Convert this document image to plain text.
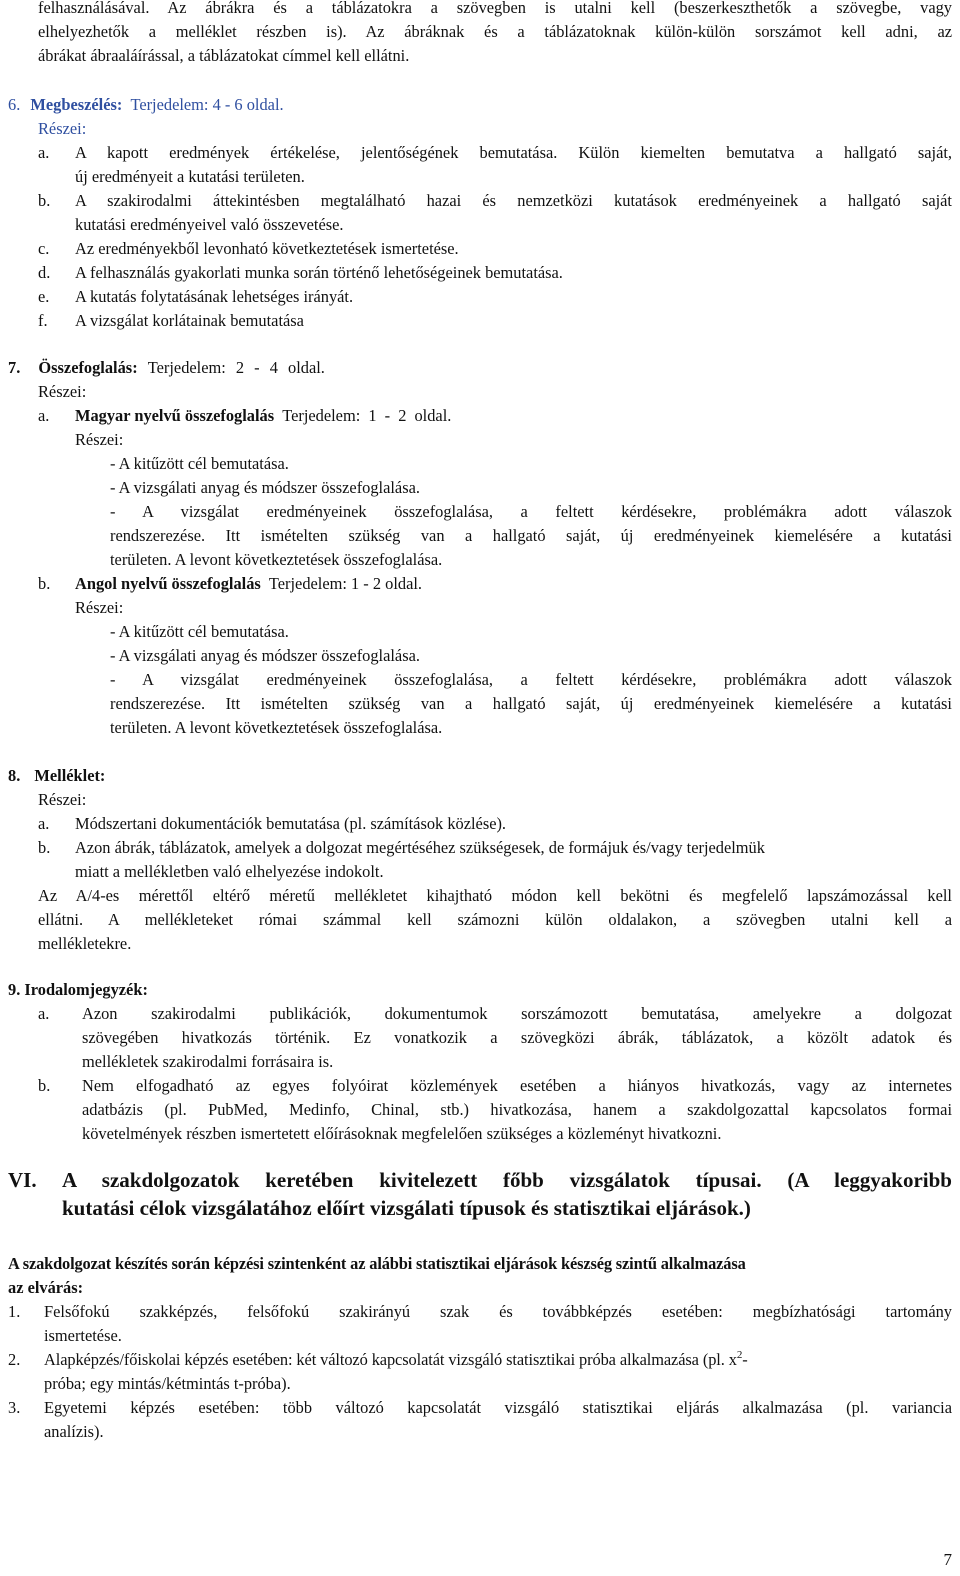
felhasználásával. Az ábrákra és a táblázatokra a szövegben is utalni kell (beszerkeszthetők a szövegbe, vagy
elhelyezhetők a melléklet részben is). Az ábráknak és a táblázatoknak külön-külön sorszámot kell adni, az
ábrákat ábraaláírással, a táblázatokat címmel kell ellátni.
6. Megbeszélés: Terjedelem: 4 - 6 oldal.
Részei:
a. A kapott eredmények értékelése, jelentőségének bemutatása. Külön kiemelten bemutatva a hallgató saját,
új eredményeit a kutatási területen.
b. A szakirodalmi áttekintésben megtalálható hazai és nemzetközi kutatások eredményeinek a hallgató saját
kutatási eredményeivel való összevetése.
c. Az eredményekből levonható következtetések ismertetése.
d. A felhasználás gyakorlati munka során történő lehetőségeinek bemutatása.
e. A kutatás folytatásának lehetséges irányát.
f. A vizsgálat korlátainak bemutatása
7. Összefoglalás: Terjedelem: 2 - 4 oldal.
Részei:
a. Magyar nyelvű összefoglalás Terjedelem: 1 - 2 oldal.
Részei:
- A kitűzött cél bemutatása.
- A vizsgálati anyag és módszer összefoglalása.
- A vizsgálat eredményeinek összefoglalása, a feltett kérdésekre, problémákra adott válaszok
rendszerezése. Itt ismételten szükség van a hallgató saját, új eredményeinek kiemelésére a kutatási
területen. A levont következtetések összefoglalása.
b. Angol nyelvű összefoglalás Terjedelem: 1 - 2 oldal.
Részei:
- A kitűzött cél bemutatása.
- A vizsgálati anyag és módszer összefoglalása.
- A vizsgálat eredményeinek összefoglalása, a feltett kérdésekre, problémákra adott válaszok
rendszerezése. Itt ismételten szükség van a hallgató saját, új eredményeinek kiemelésére a kutatási
területen. A levont következtetések összefoglalása.
8. Melléklet:
Részei:
a. Módszertani dokumentációk bemutatása (pl. számítások közlése).
b. Azon ábrák, táblázatok, amelyek a dolgozat megértéséhez szükségesek, de formájuk és/vagy terjedelmük
miatt a mellékletben való elhelyezése indokolt.
Az A/4-es mérettől eltérő méretű mellékletet kihajtható módon kell bekötni és megfelelő lapszámozással kell
ellátni. A mellékleteket római számmal kell számozni külön oldalakon, a szövegben utalni kell a
mellékletekre.
9. Irodalomjegyzék:
a. Azon szakirodalmi publikációk, dokumentumok sorszámozott bemutatása, amelyekre a dolgozat
szövegében hivatkozás történik. Ez vonatkozik a szövegközi ábrák, táblázatok, a közölt adatok és
mellékletek szakirodalmi forrásaira is.
b. Nem elfogadható az egyes folyóirat közlemények esetében a hiányos hivatkozás, vagy az internetes
adatbázis (pl. PubMed, Medinfo, Chinal, stb.) hivatkozása, hanem a szakdolgozattal kapcsolatos formai
követelmények részben ismertetett előírásoknak megfelelően szükséges a közleményt hivatkozni.
VI. A szakdolgozatok keretében kivitelezett főbb vizsgálatok típusai. (A leggyakoribb
kutatási célok vizsgálatához előírt vizsgálati típusok és statisztikai eljárások.)
A szakdolgozat készítés során képzési szintenként az alábbi statisztikai eljárások készség szintű alkalmazása
az elvárás:
1. Felsőfokú szakképzés, felsőfokú szakirányú szak és továbbképzés esetében: megbízhatósági tartomány
ismertetése.
2. Alapképzés/főiskolai képzés esetében: két változó kapcsolatát vizsgáló statisztikai próba alkalmazása (pl. $x^2-$
próba; egy mintás/kétmintás t-próba).
3. Egyetemi képzés esetében: több változó kapcsolatát vizsgáló statisztikai eljárás alkalmazása (pl. variancia
analízis).
7
